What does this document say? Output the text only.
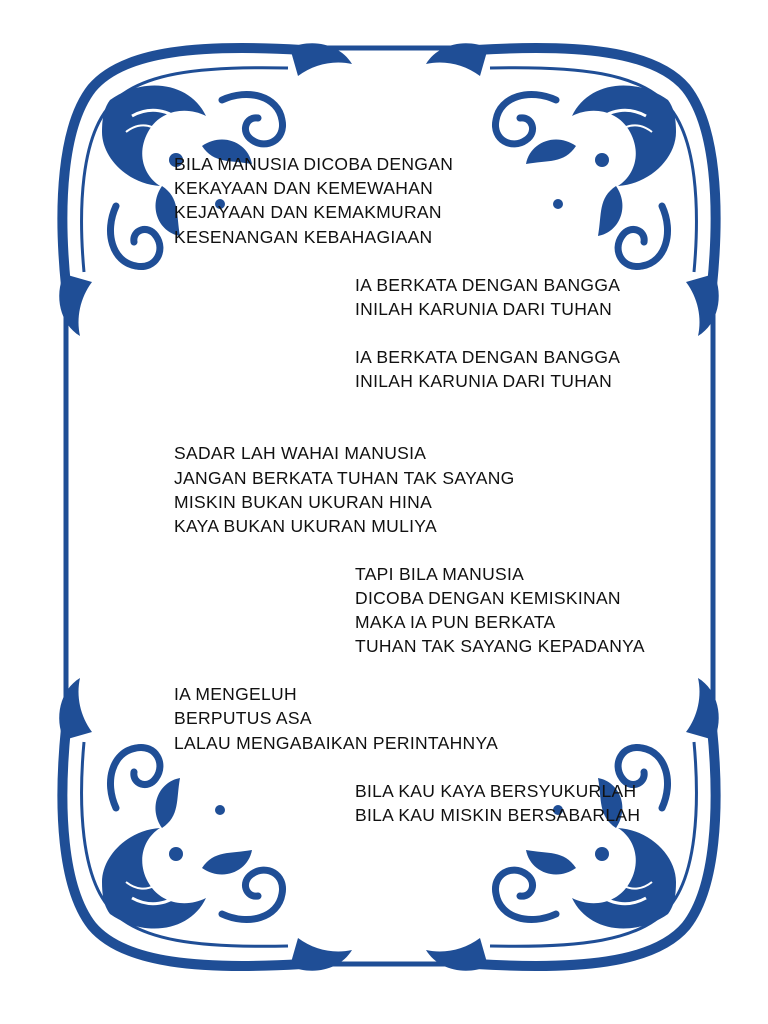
BILA MANUSIA DICOBA DENGAN
KEKAYAAN DAN KEMEWAHAN
KEJAYAAN DAN KEMAKMURAN
KESENANGAN KEBAHAGIAAN
IA BERKATA DENGAN BANGGA
INILAH KARUNIA DARI TUHAN
IA BERKATA DENGAN BANGGA
INILAH KARUNIA DARI TUHAN
SADAR LAH WAHAI MANUSIA
JANGAN BERKATA TUHAN TAK SAYANG
MISKIN BUKAN UKURAN HINA
KAYA BUKAN UKURAN MULIYA
TAPI BILA MANUSIA
DICOBA DENGAN KEMISKINAN
MAKA IA PUN BERKATA
TUHAN TAK SAYANG KEPADANYA
IA MENGELUH
BERPUTUS ASA
LALAU MENGABAIKAN PERINTAHNYA
BILA KAU KAYA BERSYUKURLAH
BILA KAU MISKIN BERSABARLAH
